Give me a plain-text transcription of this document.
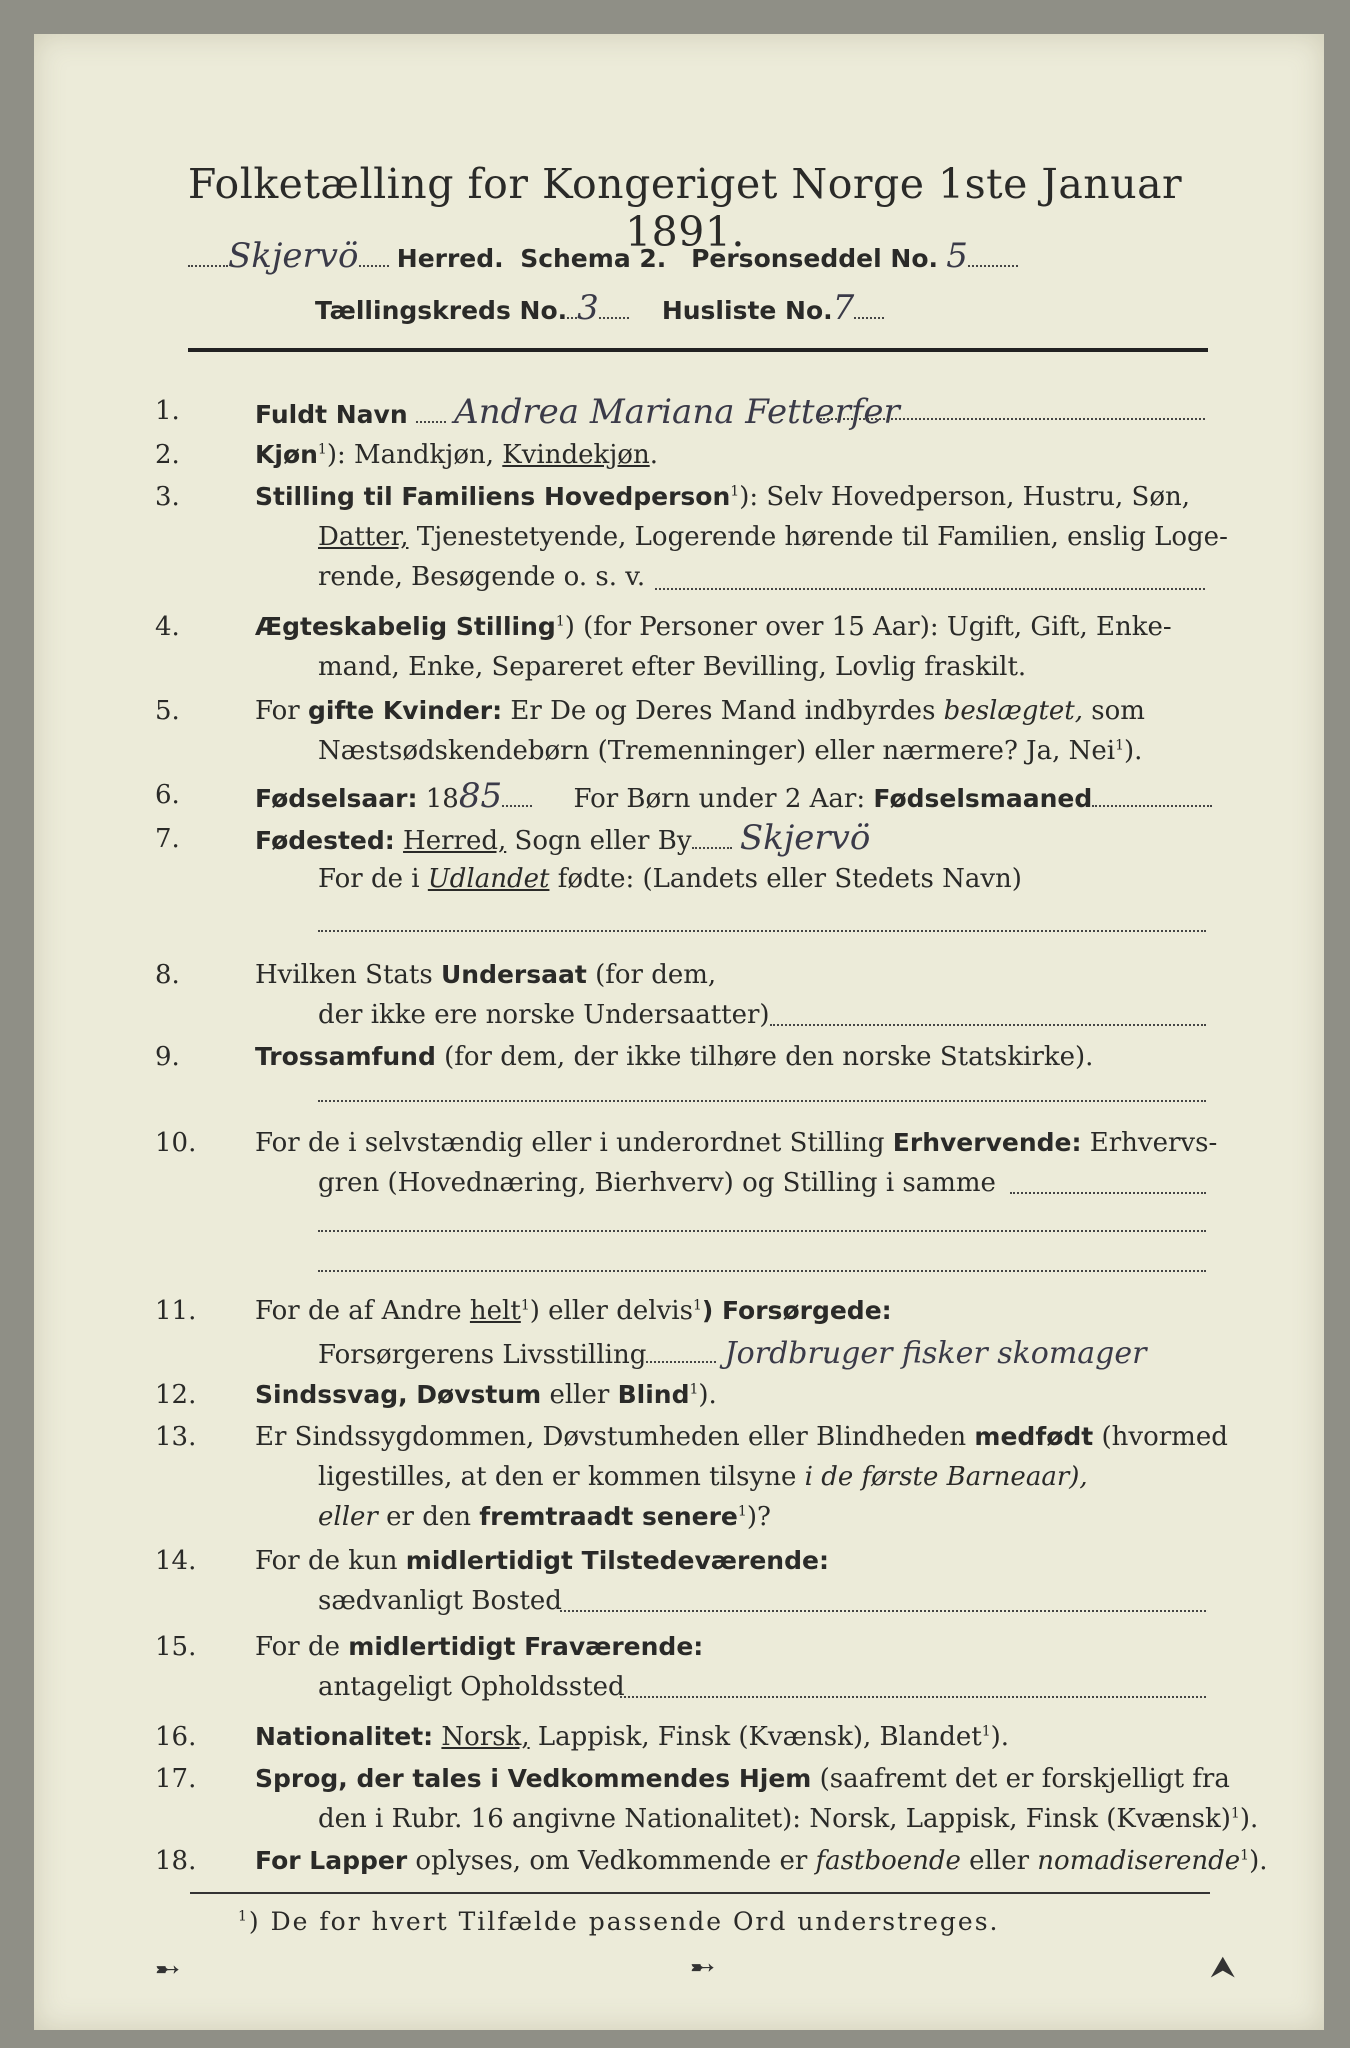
Folketælling for Kongeriget Norge 1ste Januar 1891.
Skjervö Herred. Schema 2. Personseddel No. 5
Tællingskreds No. 3	Husliste No.7
1.	Fuldt Navn Andrea Mariana Fetterfer
2.	Kjøn$^1$): Mandkjøn, Kvindekjøn.
3.	Stilling til Familiens Hovedperson$^1$): Selv Hovedperson, Hustru, Søn,
Datter, Tjenestetyende, Logerende hørende til Familien, enslig Loge-
rende, Besøgende o. s. v.
4.	Ægteskabelig Stilling$^1$) (for Personer over 15 Aar): Ugift, Gift, Enke-
mand, Enke, Separeret efter Bevilling, Lovlig fraskilt.
5.	For gifte Kvinder: Er De og Deres Mand indbyrdes beslægtet, som
Næstsødskendebørn (Tremenninger) eller nærmere? Ja, Nei$^1$).
6.	Fødselsaar: 1885	For Børn under 2 Aar: Fødselsmaaned
7.	Fødested: Herred, Sogn eller By Skjervö
For de i Udlandet fødte: (Landets eller Stedets Navn)
8.	Hvilken Stats Undersaat (for dem,
der ikke ere norske Undersaatter)
9.	Trossamfund (for dem, der ikke tilhøre den norske Statskirke).
10. For de i selvstændig eller i underordnet Stilling Erhvervende: Erhvervs-
gren (Hovednæring, Bierhverv) og Stilling i samme
11. For de af Andre helt$^1$) eller delvis$^1$) Forsørgede:
Forsørgerens Livsstilling	Jordbruger fisker skomager
12. Sindssvag, Døvstum eller Blind$^1$).
13. Er Sindssygdommen, Døvstumheden eller Blindheden medfødt (hvormed
ligestilles, at den er kommen tilsyne i de første Barneaar),
eller er den fremtraadt senere$^1$)?
14. For de kun midlertidigt Tilstedeværende:
sædvanligt Bosted
15. For de midlertidigt Fraværende:
antageligt Opholdssted
16. Nationalitet: Norsk, Lappisk, Finsk (Kvænsk), Blandet$^1$).
17. Sprog, der tales i Vedkommendes Hjem (saafremt det er forskjelligt fra
den i Rubr. 16 angivne Nationalitet): Norsk, Lappisk, Finsk (Kvænsk)$^1$).
18. For Lapper oplyses, om Vedkommende er fastboende eller nomadiserende$^1$).
$^1$) De for hvert Tilfælde passende Ord understreges.
➸	➸	⮝
